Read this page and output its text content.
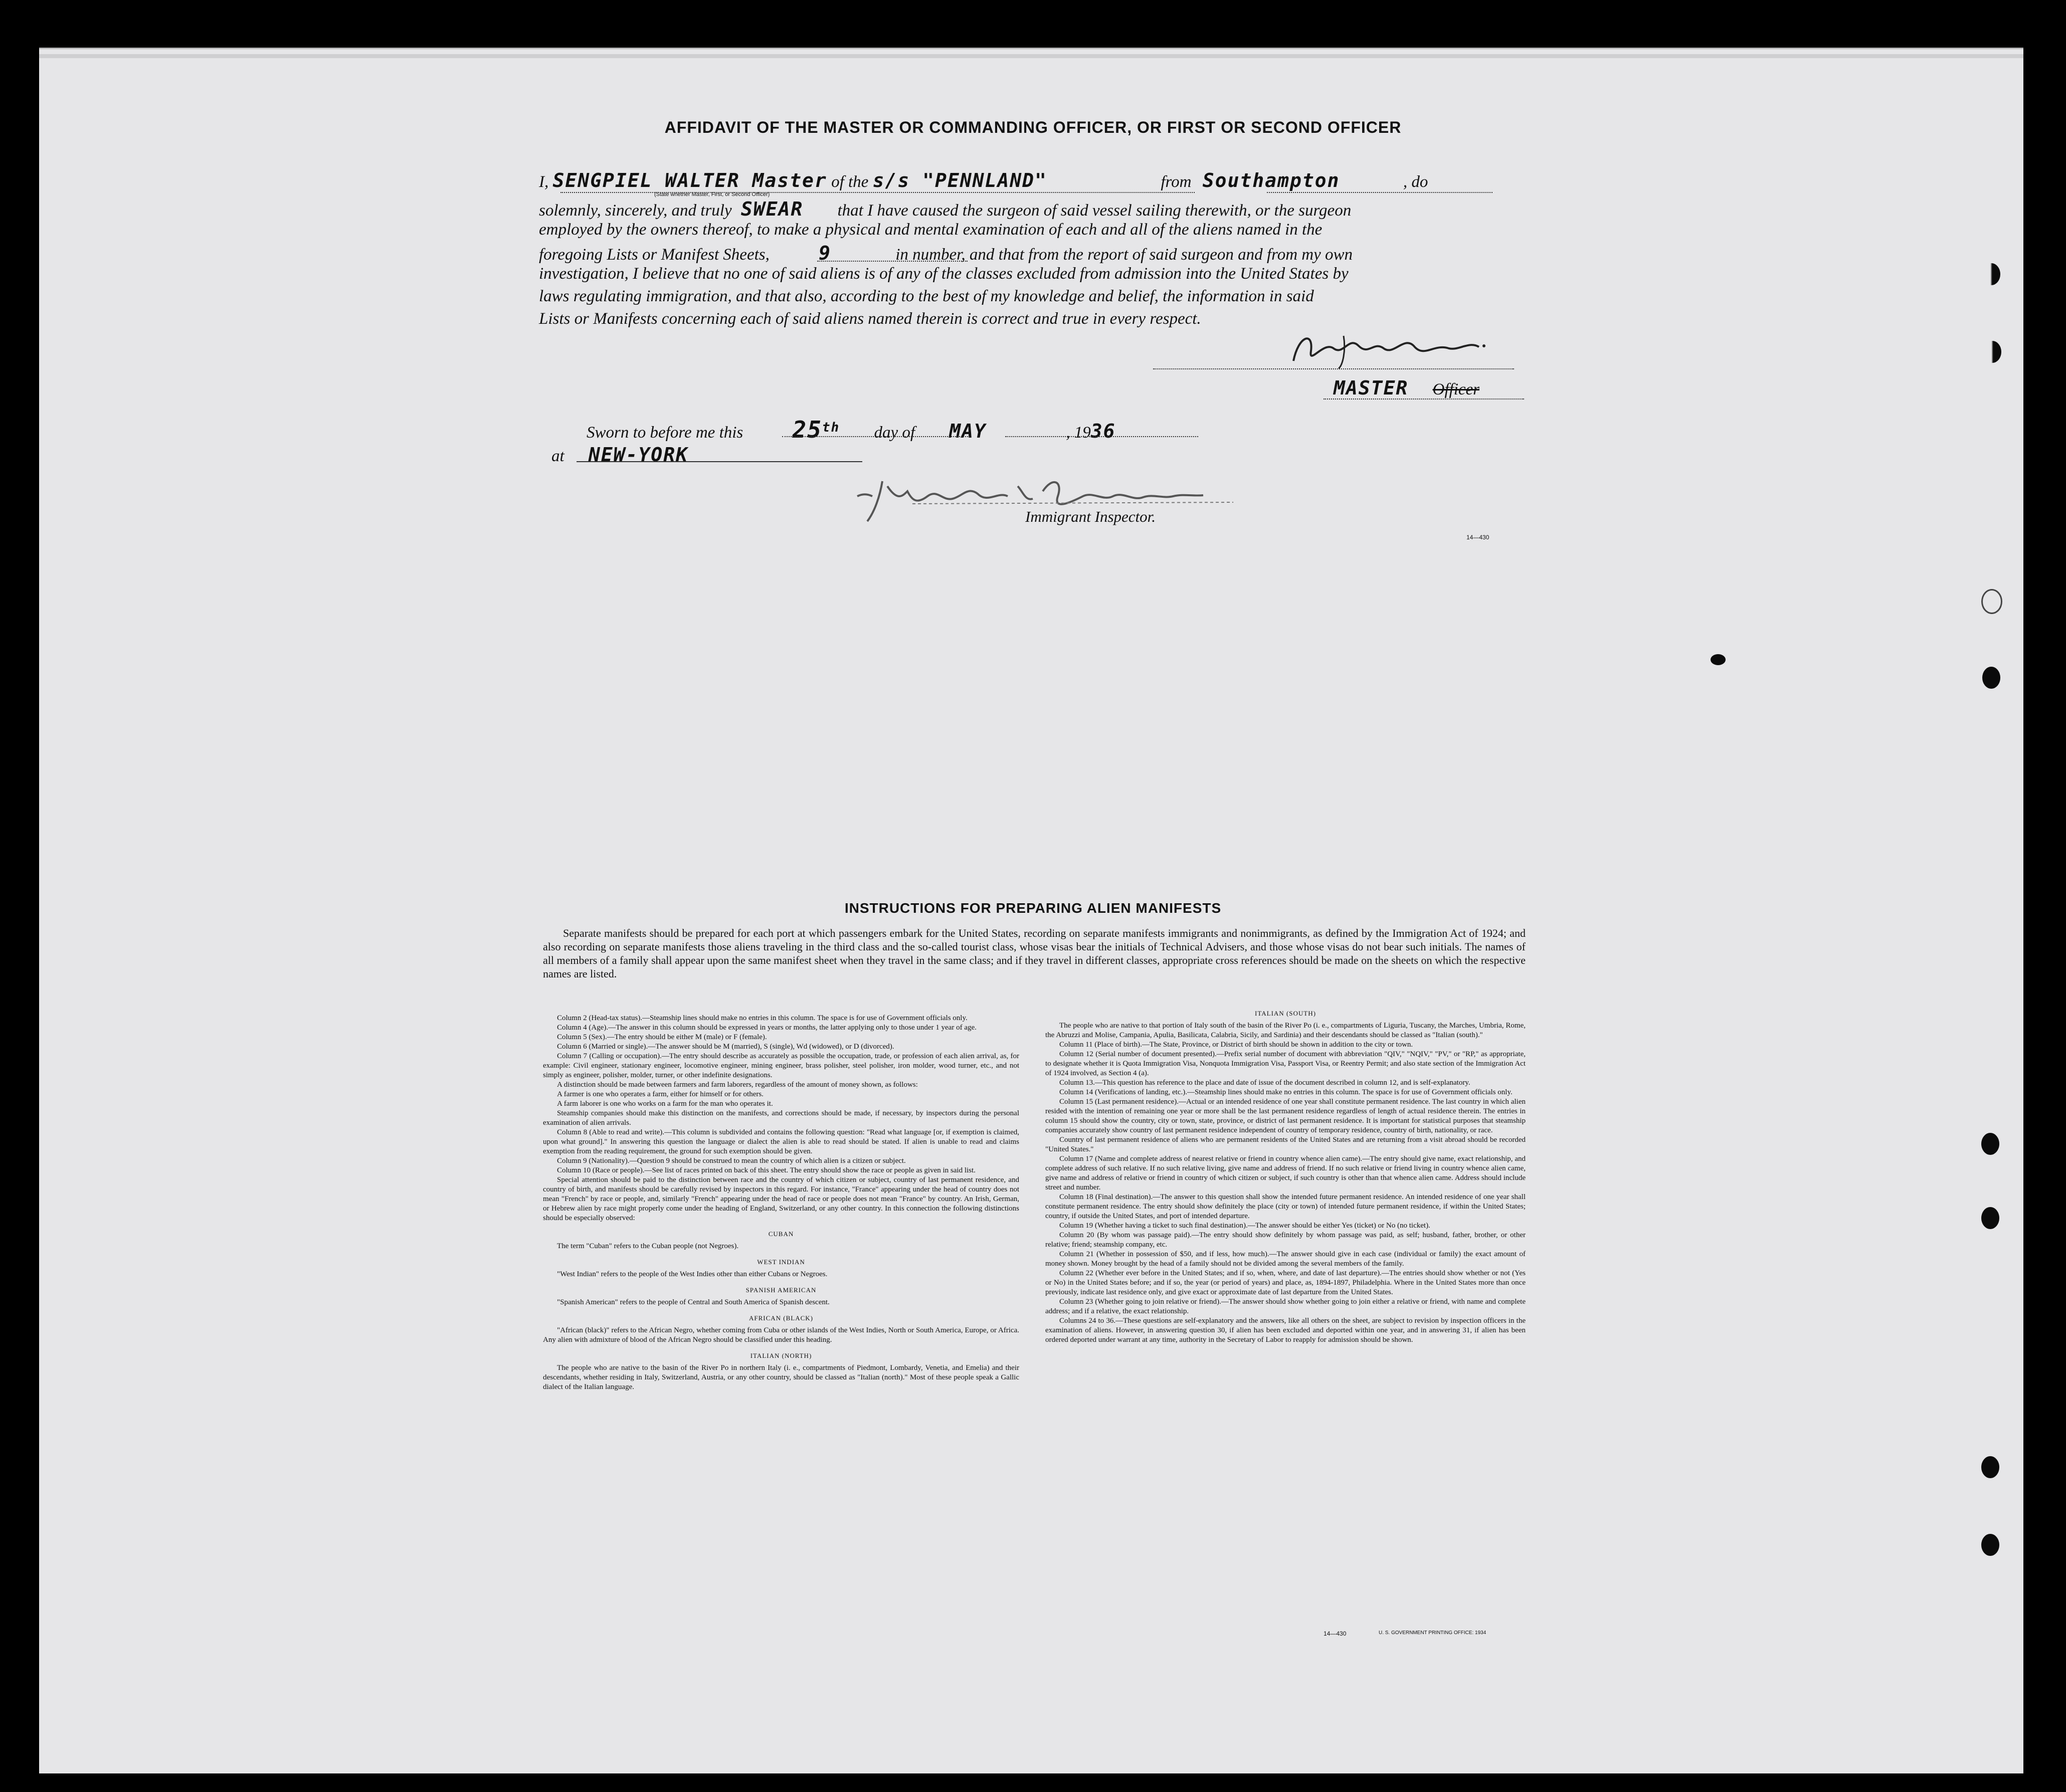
AFFIDAVIT OF THE MASTER OR COMMANDING OFFICER, OR FIRST OR SECOND OFFICER
I, SENGPIEL WALTER Master of the s/s "PENNLAND"	from Southampton	, do
(State whether Master, First, or Second Officer)
solemnly, sincerely, and truly SWEAR that I have caused the surgeon of said vessel sailing therewith, or the surgeon
employed by the owners thereof, to make a physical and mental examination of each and all of the aliens named in the
foregoing Lists or Manifest Sheets,	9	in number, and that from the report of said surgeon and from my own
investigation, I believe that no one of said aliens is of any of the classes excluded from admission into the United States by
laws regulating immigration, and that also, according to the best of my knowledge and belief, the information in said
Lists or Manifests concerning each of said aliens named therein is correct and true in every respect.
MASTER Officer
Sworn to before me this 25th day of MAY	, 1936
at NEW-YORK
Immigrant Inspector.
14—430
INSTRUCTIONS FOR PREPARING ALIEN MANIFESTS
Separate manifests should be prepared for each port at which passengers embark for the United States, recording on separate manifests immigrants and nonimmigrants, as defined by the Immigration Act of 1924; and also recording on separate manifests those aliens traveling in the third class and the so-called tourist class, whose visas bear the initials of Technical Advisers, and those whose visas do not bear such initials. The names of all members of a family shall appear upon the same manifest sheet when they travel in the same class; and if they travel in different classes, appropriate cross references should be made on the sheets on which the respective names are listed.

Column 2 (Head-tax status).—Steamship lines should make no entries in this column. The space is for use of Government officials only.

Column 4 (Age).—The answer in this column should be expressed in years or months, the latter applying only to those under 1 year of age.

Column 5 (Sex).—The entry should be either M (male) or F (female).

Column 6 (Married or single).—The answer should be M (married), S (single), Wd (widowed), or D (divorced).

Column 7 (Calling or occupation).—The entry should describe as accurately as possible the occupation, trade, or profession of each alien arrival, as, for example: Civil engineer, stationary engineer, locomotive engineer, mining engineer, brass polisher, steel polisher, iron molder, wood turner, etc., and not simply as engineer, polisher, molder, turner, or other indefinite designations.

A distinction should be made between farmers and farm laborers, regardless of the amount of money shown, as follows:

A farmer is one who operates a farm, either for himself or for others.

A farm laborer is one who works on a farm for the man who operates it.

Steamship companies should make this distinction on the manifests, and corrections should be made, if necessary, by inspectors during the personal examination of alien arrivals.

Column 8 (Able to read and write).—This column is subdivided and contains the following question: "Read what language [or, if exemption is claimed, upon what ground]." In answering this question the language or dialect the alien is able to read should be stated. If alien is unable to read and claims exemption from the reading requirement, the ground for such exemption should be given.

Column 9 (Nationality).—Question 9 should be construed to mean the country of which alien is a citizen or subject.

Column 10 (Race or people).—See list of races printed on back of this sheet. The entry should show the race or people as given in said list.

Special attention should be paid to the distinction between race and the country of which citizen or subject, country of last permanent residence, and country of birth, and manifests should be carefully revised by inspectors in this regard. For instance, "France" appearing under the head of country does not mean "French" by race or people, and, similarly "French" appearing under the head of race or people does not mean "France" by country. An Irish, German, or Hebrew alien by race might properly come under the heading of England, Switzerland, or any other country. In this connection the following distinctions should be especially observed:

CUBAN

The term "Cuban" refers to the Cuban people (not Negroes).

WEST INDIAN

"West Indian" refers to the people of the West Indies other than either Cubans or Negroes.

SPANISH AMERICAN

"Spanish American" refers to the people of Central and South America of Spanish descent.

AFRICAN (BLACK)

"African (black)" refers to the African Negro, whether coming from Cuba or other islands of the West Indies, North or South America, Europe, or Africa. Any alien with admixture of blood of the African Negro should be classified under this heading.

ITALIAN (NORTH)

The people who are native to the basin of the River Po in northern Italy (i. e., compartments of Piedmont, Lombardy, Venetia, and Emelia) and their descendants, whether residing in Italy, Switzerland, Austria, or any other country, should be classed as "Italian (north)." Most of these people speak a Gallic dialect of the Italian language.

ITALIAN (SOUTH)

The people who are native to that portion of Italy south of the basin of the River Po (i. e., compartments of Liguria, Tuscany, the Marches, Umbria, Rome, the Abruzzi and Molise, Campania, Apulia, Basilicata, Calabria, Sicily, and Sardinia) and their descendants should be classed as "Italian (south)."

Column 11 (Place of birth).—The State, Province, or District of birth should be shown in addition to the city or town.

Column 12 (Serial number of document presented).—Prefix serial number of document with abbreviation "QIV," "NQIV," "PV," or "RP," as appropriate, to designate whether it is Quota Immigration Visa, Nonquota Immigration Visa, Passport Visa, or Reentry Permit; and also state section of the Immigration Act of 1924 involved, as Section 4 (a).

Column 13.—This question has reference to the place and date of issue of the document described in column 12, and is self-explanatory.

Column 14 (Verifications of landing, etc.).—Steamship lines should make no entries in this column. The space is for use of Government officials only.

Column 15 (Last permanent residence).—Actual or an intended residence of one year shall constitute permanent residence. The last country in which alien resided with the intention of remaining one year or more shall be the last permanent residence regardless of length of actual residence therein. The entries in column 15 should show the country, city or town, state, province, or district of last permanent residence. It is important for statistical purposes that steamship companies accurately show country of last permanent residence independent of country of temporary residence, country of birth, nationality, or race.

Country of last permanent residence of aliens who are permanent residents of the United States and are returning from a visit abroad should be recorded "United States."

Column 17 (Name and complete address of nearest relative or friend in country whence alien came).—The entry should give name, exact relationship, and complete address of such relative. If no such relative living, give name and address of friend. If no such relative or friend living in country whence alien came, give name and address of relative or friend in country of which citizen or subject, if such country is other than that whence alien came. Address should include street and number.

Column 18 (Final destination).—The answer to this question shall show the intended future permanent residence. An intended residence of one year shall constitute permanent residence. The entry should show definitely the place (city or town) of intended future permanent residence, if within the United States; country, if outside the United States, and port of intended departure.

Column 19 (Whether having a ticket to such final destination).—The answer should be either Yes (ticket) or No (no ticket).

Column 20 (By whom was passage paid).—The entry should show definitely by whom passage was paid, as self; husband, father, brother, or other relative; friend; steamship company, etc.

Column 21 (Whether in possession of $50, and if less, how much).—The answer should give in each case (individual or family) the exact amount of money shown. Money brought by the head of a family should not be divided among the several members of the family.

Column 22 (Whether ever before in the United States; and if so, when, where, and date of last departure).—The entries should show whether or not (Yes or No) in the United States before; and if so, the year (or period of years) and place, as, 1894-1897, Philadelphia. Where in the United States more than once previously, indicate last residence only, and give exact or approximate date of last departure from the United States.

Column 23 (Whether going to join relative or friend).—The answer should show whether going to join either a relative or friend, with name and complete address; and if a relative, the exact relationship.

Columns 24 to 36.—These questions are self-explanatory and the answers, like all others on the sheet, are subject to revision by inspection officers in the examination of aliens. However, in answering question 30, if alien has been excluded and deported within one year, and in answering 31, if alien has been ordered deported under warrant at any time, authority in the Secretary of Labor to reapply for admission should be shown.

14—430	U. S. GOVERNMENT PRINTING OFFICE: 1934
